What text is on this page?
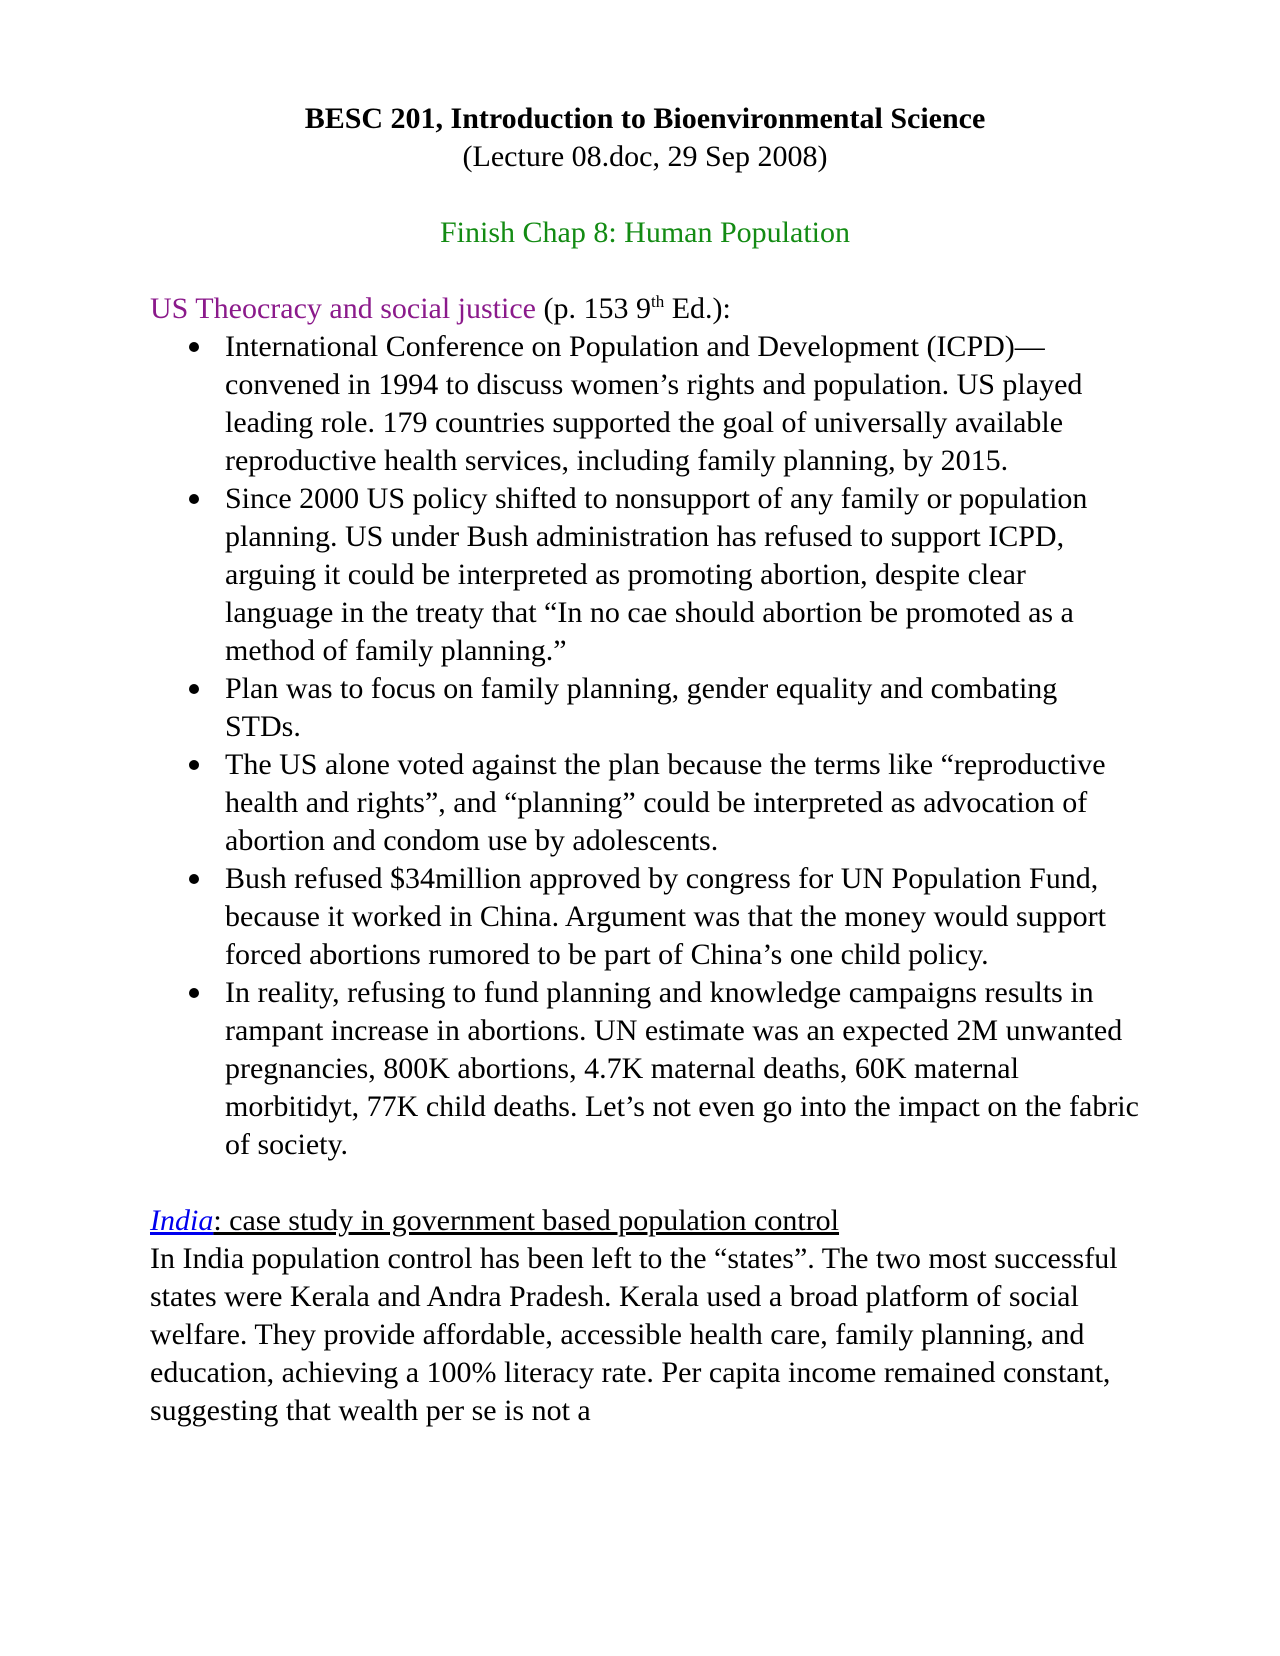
BESC 201, Introduction to Bioenvironmental Science
(Lecture 08.doc, 29 Sep 2008)
Finish Chap 8: Human Population
US Theocracy and social justice (p. 153 9th Ed.):
International Conference on Population and Development (ICPD)—convened in 1994 to discuss women’s rights and population. US played leading role. 179 countries supported the goal of universally available reproductive health services, including family planning, by 2015.
Since 2000 US policy shifted to nonsupport of any family or population planning. US under Bush administration has refused to support ICPD, arguing it could be interpreted as promoting abortion, despite clear language in the treaty that “In no cae should abortion be promoted as a method of family planning.”
Plan was to focus on family planning, gender equality and combating STDs.
The US alone voted against the plan because the terms like “reproductive health and rights”, and “planning” could be interpreted as advocation of abortion and condom use by adolescents.
Bush refused $34million approved by congress for UN Population Fund, because it worked in China. Argument was that the money would support forced abortions rumored to be part of China’s one child policy.
In reality, refusing to fund planning and knowledge campaigns results in rampant increase in abortions. UN estimate was an expected 2M unwanted pregnancies, 800K abortions, 4.7K maternal deaths, 60K maternal morbitidyt, 77K child deaths. Let’s not even go into the impact on the fabric of society.
India: case study in government based population control
In India population control has been left to the “states”. The two most successful states were Kerala and Andra Pradesh. Kerala used a broad platform of social welfare. They provide affordable, accessible health care, family planning, and education, achieving a 100% literacy rate. Per capita income remained constant, suggesting that wealth per se is not a
